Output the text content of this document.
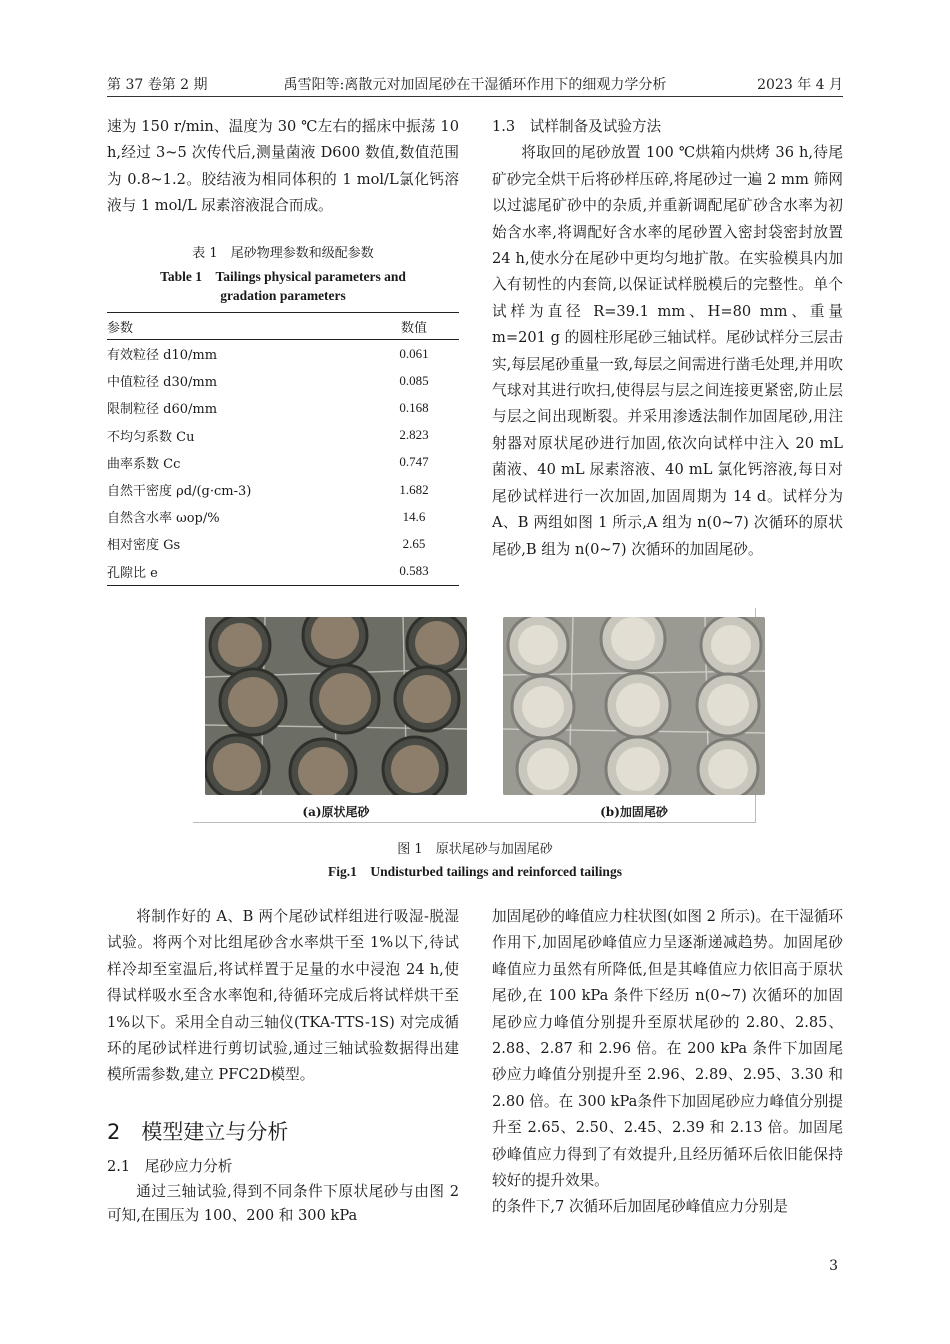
第 37 卷第 2 期	禹雪阳等:离散元对加固尾砂在干湿循环作用下的细观力学分析	2023 年 4 月

速为 150 r/min、温度为 30 ℃左右的摇床中振荡 10 h,经过 3~5 次传代后,测量菌液 D600 数值,数值范围为 0.8~1.2。胶结液为相同体积的 1 mol/L氯化钙溶液与 1 mol/L 尿素溶液混合而成。

表 1　尾砂物理参数和级配参数
Table 1　Tailings physical parameters and
gradation parameters
参数	数值
有效粒径 d10/mm	0.061
中值粒径 d30/mm	0.085
限制粒径 d60/mm	0.168
不均匀系数 Cu	2.823
曲率系数 Cc	0.747
自然干密度 ρd/(g·cm-3)	1.682
自然含水率 ωop/%	14.6
相对密度 Gs	2.65
孔隙比 e	0.583

1.3　试样制备及试验方法

将取回的尾砂放置 100 ℃烘箱内烘烤 36 h,待尾矿砂完全烘干后将砂样压碎,将尾砂过一遍 2 mm 筛网以过滤尾矿砂中的杂质,并重新调配尾矿砂含水率为初始含水率,将调配好含水率的尾砂置入密封袋密封放置 24 h,使水分在尾砂中更均匀地扩散。在实验模具内加入有韧性的内套筒,以保证试样脱模后的完整性。单个试样为直径 R=39.1 mm、H=80 mm、重量 m=201 g 的圆柱形尾砂三轴试样。尾砂试样分三层击实,每层尾砂重量一致,每层之间需进行凿毛处理,并用吹气球对其进行吹扫,使得层与层之间连接更紧密,防止层与层之间出现断裂。并采用渗透法制作加固尾砂,用注射器对原状尾砂进行加固,依次向试样中注入 20 mL 菌液、40 mL 尿素溶液、40 mL 氯化钙溶液,每日对尾砂试样进行一次加固,加固周期为 14 d。试样分为 A、B 两组如图 1 所示,A 组为 n(0~7) 次循环的原状尾砂,B 组为 n(0~7) 次循环的加固尾砂。

(a)原状尾砂	(b)加固尾砂
图 1　原状尾砂与加固尾砂
Fig.1　Undisturbed tailings and reinforced tailings

将制作好的 A、B 两个尾砂试样组进行吸湿-脱湿试验。将两个对比组尾砂含水率烘干至 1%以下,待试样冷却至室温后,将试样置于足量的水中浸泡 24 h,使得试样吸水至含水率饱和,待循环完成后将试样烘干至 1%以下。采用全自动三轴仪(TKA-TTS-1S) 对完成循环的尾砂试样进行剪切试验,通过三轴试验数据得出建模所需参数,建立 PFC2D模型。

2　模型建立与分析

2.1　尾砂应力分析

通过三轴试验,得到不同条件下原状尾砂与由图 2 可知,在围压为 100、200 和 300 kPa

加固尾砂的峰值应力柱状图(如图 2 所示)。在干湿循环作用下,加固尾砂峰值应力呈逐渐递减趋势。加固尾砂峰值应力虽然有所降低,但是其峰值应力依旧高于原状尾砂,在 100 kPa 条件下经历 n(0~7) 次循环的加固尾砂应力峰值分别提升至原状尾砂的 2.80、2.85、2.88、2.87 和 2.96 倍。在 200 kPa 条件下加固尾砂应力峰值分别提升至 2.96、2.89、2.95、3.30 和 2.80 倍。在 300 kPa条件下加固尾砂应力峰值分别提升至 2.65、2.50、2.45、2.39 和 2.13 倍。加固尾砂峰值应力得到了有效提升,且经历循环后依旧能保持较好的提升效果。

的条件下,7 次循环后加固尾砂峰值应力分别是

3
